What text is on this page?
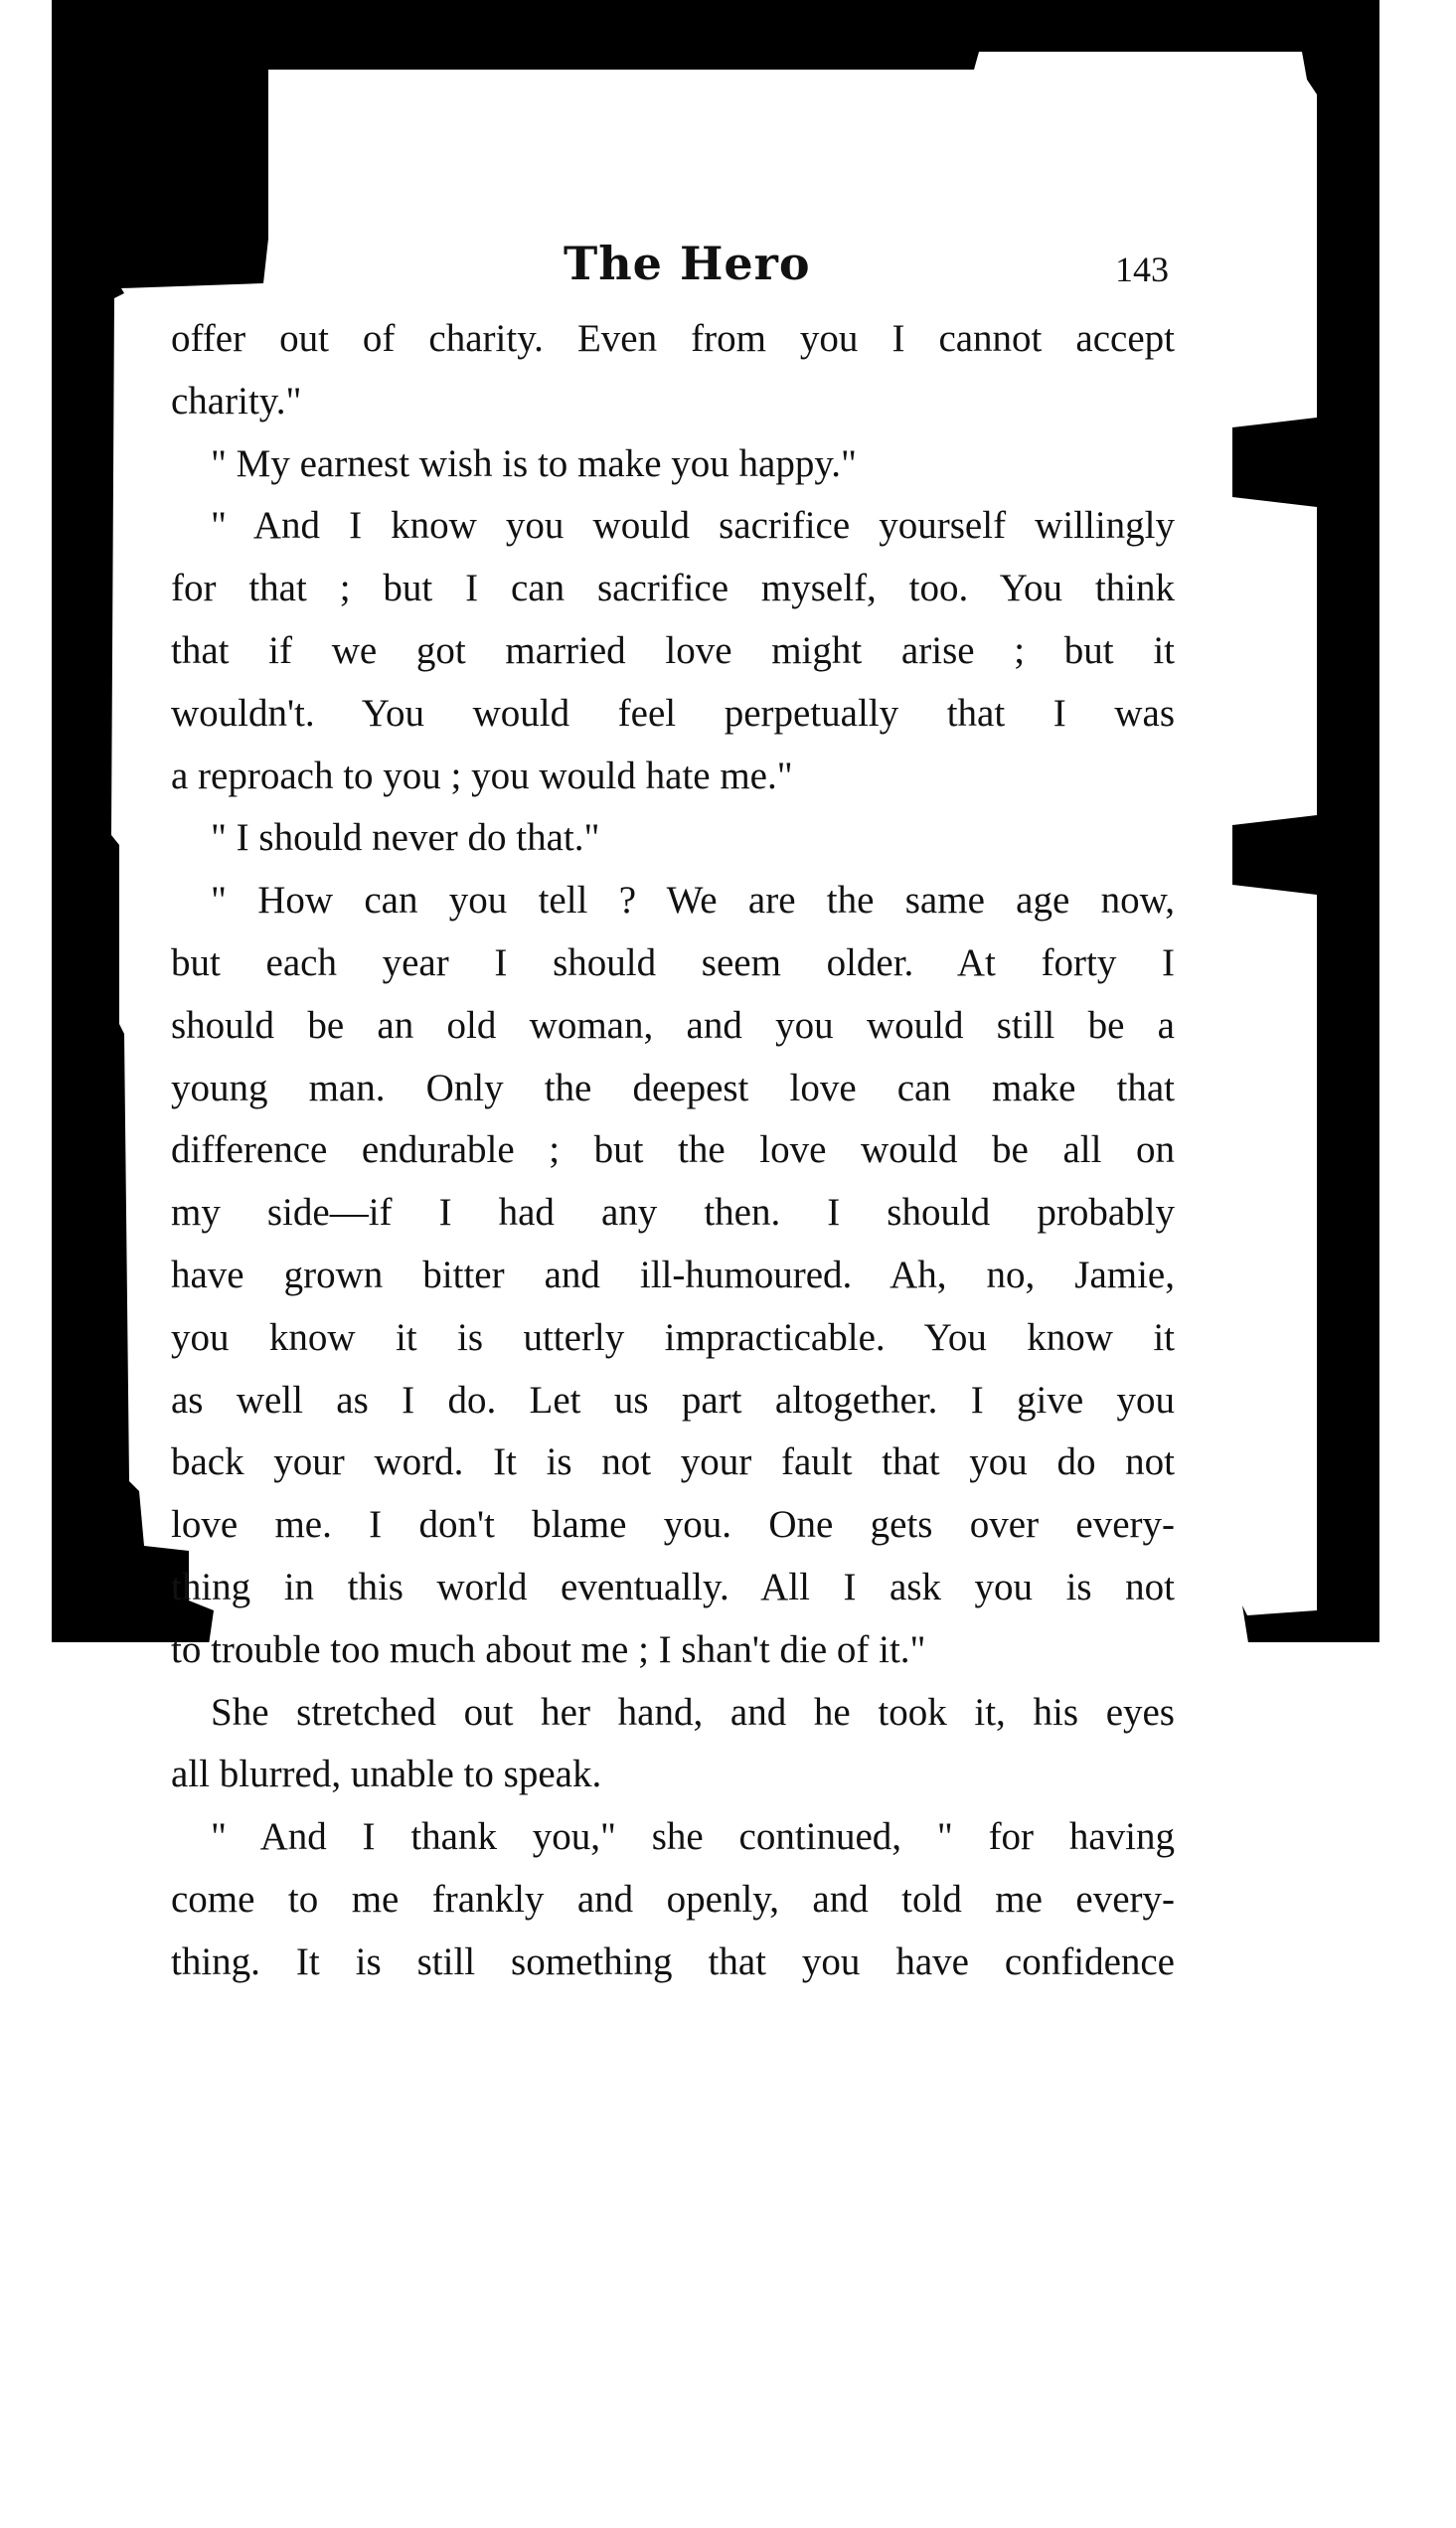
The Hero	143
offer out of charity. Even from you I cannot accept
charity."
" My earnest wish is to make you happy."
" And I know you would sacrifice yourself willingly
for that ; but I can sacrifice myself, too. You think
that if we got married love might arise ; but it
wouldn't. You would feel perpetually that I was
a reproach to you ; you would hate me."
" I should never do that."
" How can you tell ? We are the same age now,
but each year I should seem older. At forty I
should be an old woman, and you would still be a
young man. Only the deepest love can make that
difference endurable ; but the love would be all on
my side—if I had any then. I should probably
have grown bitter and ill-humoured. Ah, no, Jamie,
you know it is utterly impracticable. You know it
as well as I do. Let us part altogether. I give you
back your word. It is not your fault that you do not
love me. I don't blame you. One gets over every-
thing in this world eventually. All I ask you is not
to trouble too much about me ; I shan't die of it."
She stretched out her hand, and he took it, his eyes
all blurred, unable to speak.
" And I thank you," she continued, " for having
come to me frankly and openly, and told me every-
thing. It is still something that you have confidence
